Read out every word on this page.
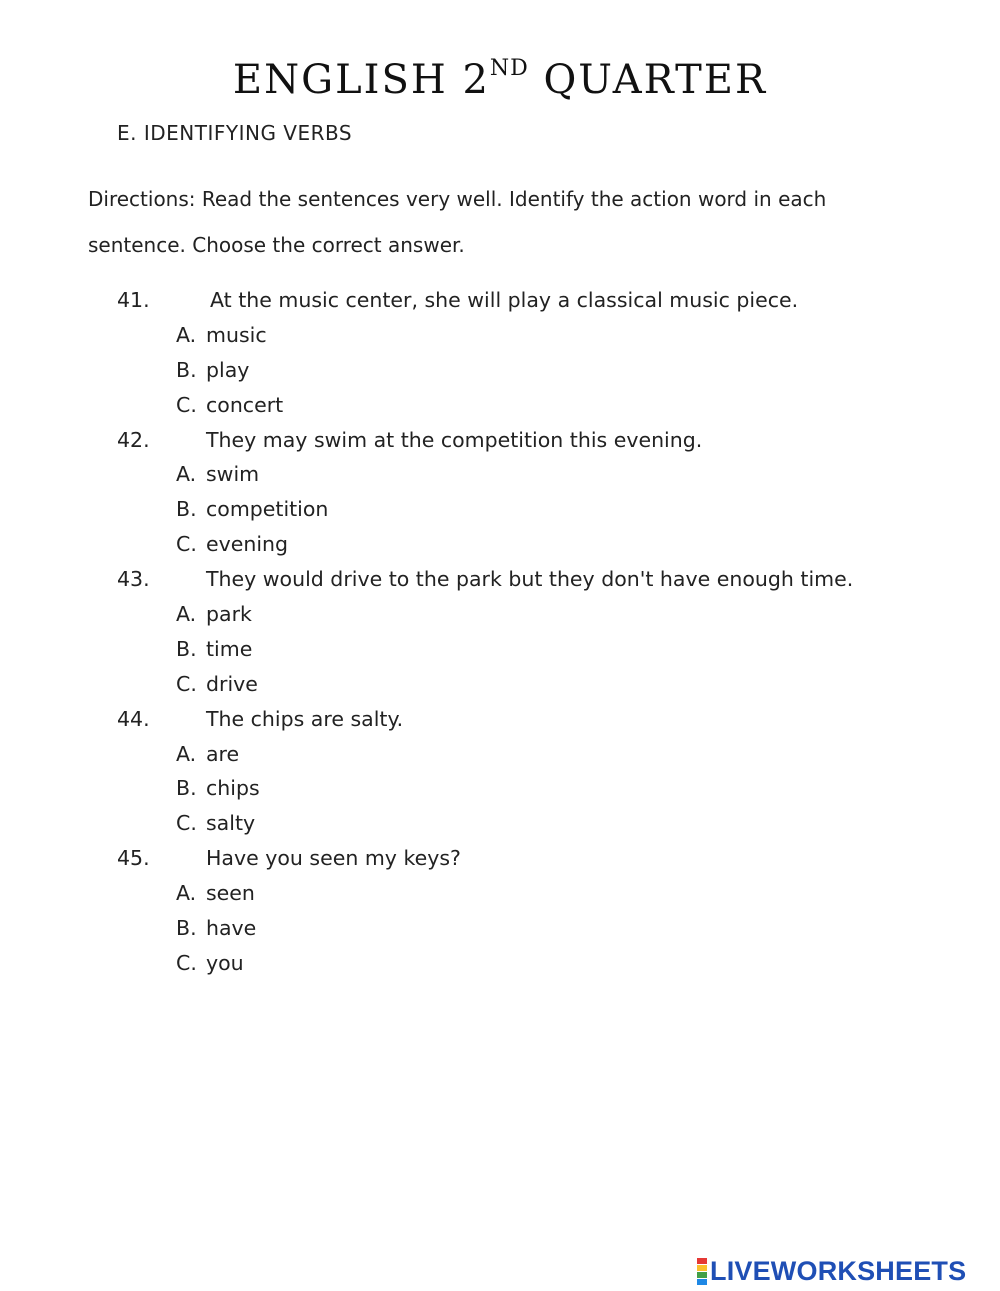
ENGLISH 2ND QUARTER
E. IDENTIFYING VERBS
Directions: Read the sentences very well. Identify the action word in each sentence. Choose the correct answer.
41.	At the music center, she will play a classical music piece.
A. music
B. play
C. concert
42.	They may swim at the competition this evening.
A. swim
B. competition
C. evening
43.	They would drive to the park but they don't have enough time.
A. park
B. time
C. drive
44.	The chips are salty.
A. are
B. chips
C. salty
45.	Have you seen my keys?
A. seen
B. have
C. you
LIVEWORKSHEETS
